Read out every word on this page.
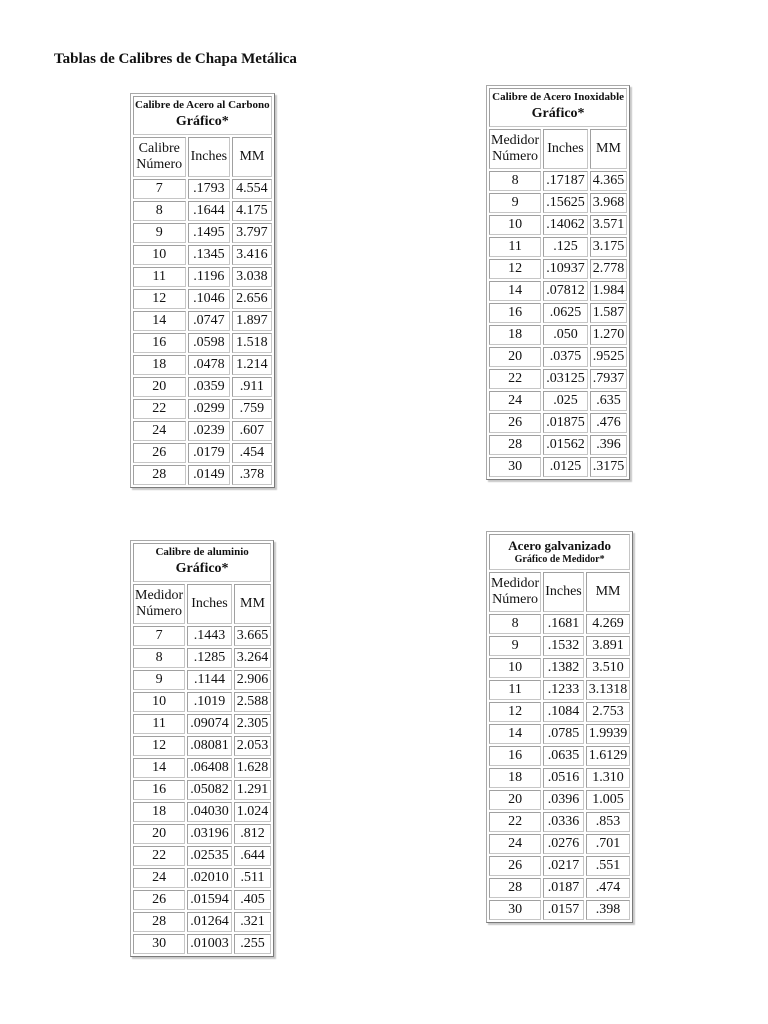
Tablas de Calibres de Chapa Metálica
Calibre de Acero al Carbono
Gráfico*		

Calibre
Número	Inches	MM
7	.1793	4.554
8	.1644	4.175
9	.1495	3.797
10	.1345	3.416
11	.1196	3.038
12	.1046	2.656
14	.0747	1.897
16	.0598	1.518
18	.0478	1.214
20	.0359	.911
22	.0299	.759
24	.0239	.607
26	.0179	.454
28	.0149	.378
Calibre de Acero Inoxidable
Gráfico*		

Medidor
Número	Inches	MM
8	.17187	4.365
9	.15625	3.968
10	.14062	3.571
11	.125	3.175
12	.10937	2.778
14	.07812	1.984
16	.0625	1.587
18	.050	1.270
20	.0375	.9525
22	.03125	.7937
24	.025	.635
26	.01875	.476
28	.01562	.396
30	.0125	.3175
Calibre de aluminio
Gráfico*		

Medidor
Número	Inches	MM
7	.1443	3.665
8	.1285	3.264
9	.1144	2.906
10	.1019	2.588
11	.09074	2.305
12	.08081	2.053
14	.06408	1.628
16	.05082	1.291
18	.04030	1.024
20	.03196	.812
22	.02535	.644
24	.02010	.511
26	.01594	.405
28	.01264	.321
30	.01003	.255
Acero galvanizado
Gráfico de Medidor*		

Medidor
Número	Inches	MM
8	.1681	4.269
9	.1532	3.891
10	.1382	3.510
11	.1233	3.1318
12	.1084	2.753
14	.0785	1.9939
16	.0635	1.6129
18	.0516	1.310
20	.0396	1.005
22	.0336	.853
24	.0276	.701
26	.0217	.551
28	.0187	.474
30	.0157	.398
